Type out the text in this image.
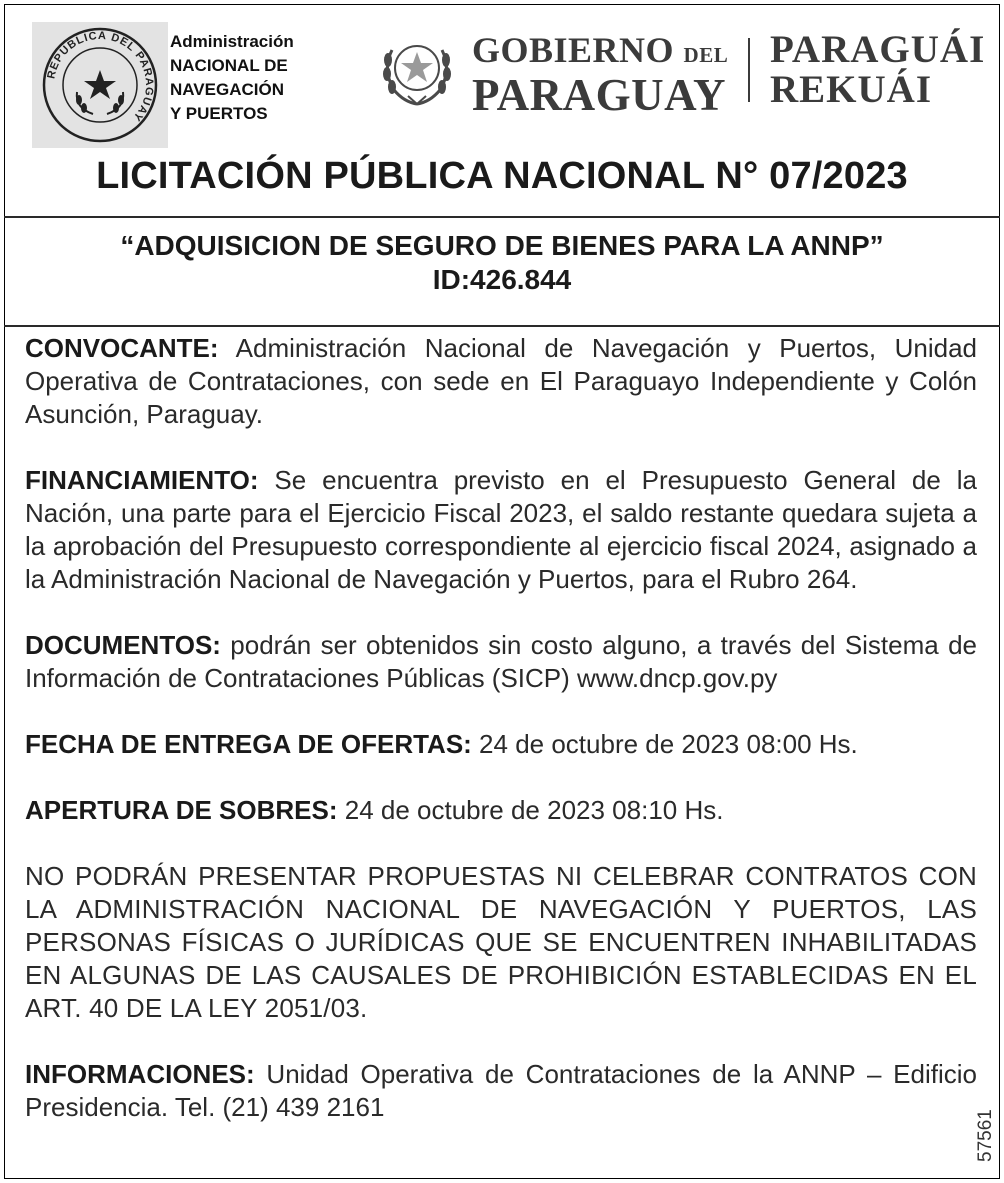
REPUBLICA DEL PARAGUAY
Administración
NACIONAL DE
NAVEGACIÓN
Y PUERTOS
GOBIERNO DEL
PARAGUAY
PARAGUÁI
REKUÁI
LICITACIÓN PÚBLICA NACIONAL N° 07/2023
“ADQUISICION DE SEGURO DE BIENES PARA LA ANNP”
ID:426.844

CONVOCANTE: Administración Nacional de Navegación y Puertos, Unidad Operativa de Contrataciones, con sede en El Paraguayo Independiente y Colón Asunción, Paraguay.

FINANCIAMIENTO: Se encuentra previsto en el Presupuesto General de la Nación, una parte para el Ejercicio Fiscal 2023, el saldo restante quedara sujeta a la aprobación del Presupuesto correspondiente al ejercicio fiscal 2024, asignado a la Administración Nacional de Navegación y Puertos, para el Rubro 264.

DOCUMENTOS: podrán ser obtenidos sin costo alguno, a través del Sistema de Información de Contrataciones Públicas (SICP) www.dncp.gov.py

FECHA DE ENTREGA DE OFERTAS: 24 de octubre de 2023 08:00 Hs.

APERTURA DE SOBRES: 24 de octubre de 2023 08:10 Hs.

NO PODRÁN PRESENTAR PROPUESTAS NI CELEBRAR CONTRATOS CON LA ADMINISTRACIÓN NACIONAL DE NAVEGACIÓN Y PUERTOS, LAS PERSONAS FÍSICAS O JURÍDICAS QUE SE ENCUENTREN INHABILITADAS EN ALGUNAS DE LAS CAUSALES DE PROHIBICIÓN ESTABLECIDAS EN EL ART. 40 DE LA LEY 2051/03.

INFORMACIONES: Unidad Operativa de Contrataciones de la ANNP – Edificio Presidencia. Tel. (21) 439 2161

57561
